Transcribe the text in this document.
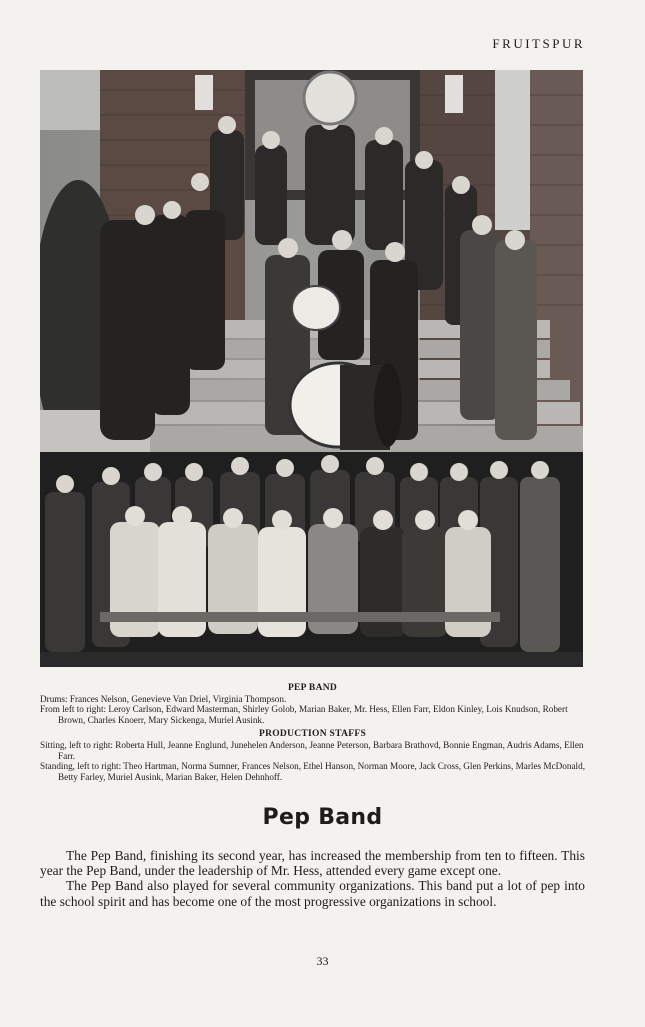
FRUITSPUR
PEP BAND
Drums: Frances Nelson, Genevieve Van Driel, Virginia Thompson.
From left to right: Leroy Carlson, Edward Masterman, Shirley Golob, Marian Baker, Mr. Hess, Ellen Farr, Eldon Kinley, Lois Knudson, Robert Brown, Charles Knoerr, Mary Sickenga, Muriel Ausink.
PRODUCTION STAFFS
Sitting, left to right: Roberta Hull, Jeanne Englund, Junehelen Anderson, Jeanne Peterson, Barbara Brathovd, Bonnie Engman, Audris Adams, Ellen Farr.
Standing, left to right: Theo Hartman, Norma Sumner, Frances Nelson, Ethel Hanson, Norman Moore, Jack Cross, Glen Perkins, Marles McDonald, Betty Farley, Muriel Ausink, Marian Baker, Helen Dehnhoff.
Pep Band

The Pep Band, finishing its second year, has increased the membership from ten to fifteen. This year the Pep Band, under the leadership of Mr. Hess, attended every game except one.

The Pep Band also played for several community organizations. This band put a lot of pep into the school spirit and has become one of the most progressive organizations in school.

33
